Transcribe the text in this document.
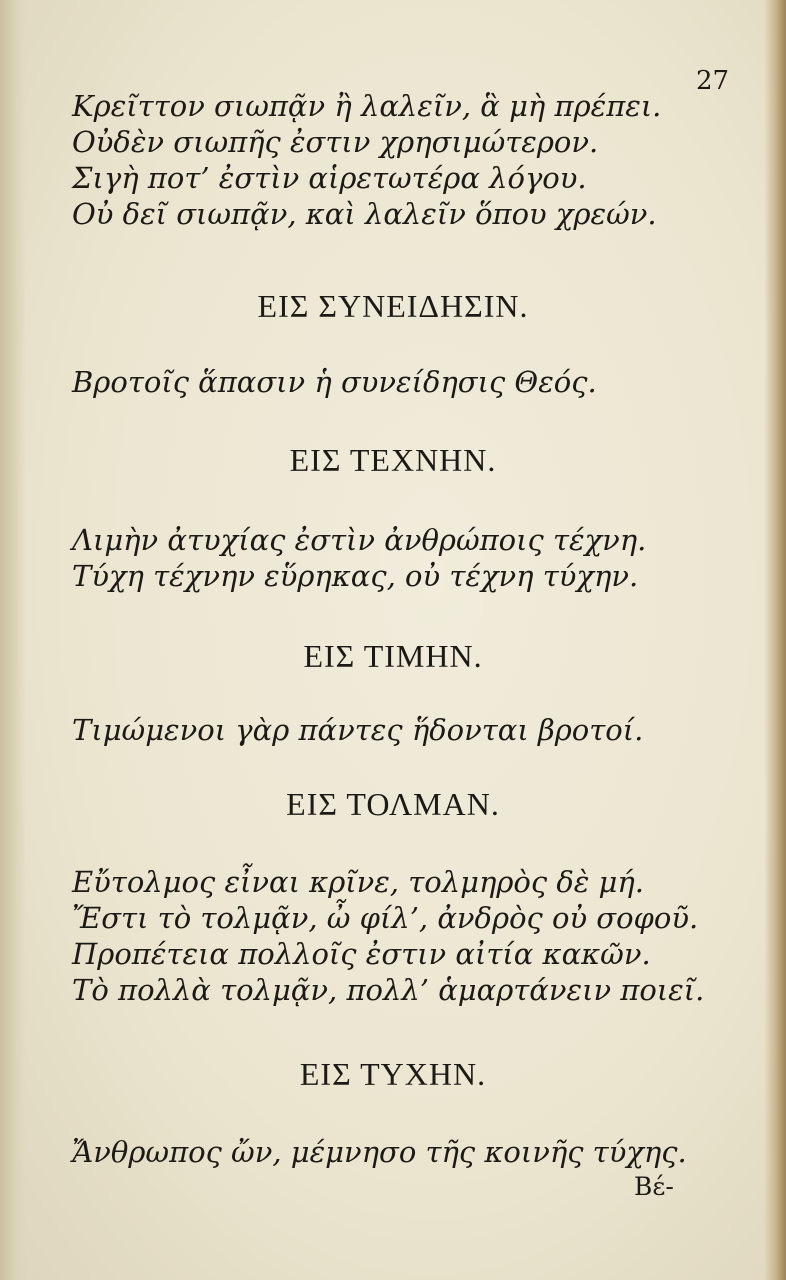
27
Κρεῖττον σιωπᾷν ἢ λαλεῖν, ἃ μὴ πρέπει.
Οὐδὲν σιωπῆς ἐστιν χρησιμώτερον.
Σιγὴ ποτ’ ἐστὶν αἱρετωτέρα λόγου.
Οὐ δεῖ σιωπᾷν, καὶ λαλεῖν ὅπου χρεών.
ΕΙΣ ΣΥΝΕΙΔΗΣΙΝ.
Βροτοῖς ἅπασιν ἡ συνείδησις Θεός.
ΕΙΣ ΤΕΧΝΗΝ.
Λιμὴν ἀτυχίας ἐστὶν ἀνθρώποις τέχνη.
Τύχη τέχνην εὕρηκας, οὐ τέχνη τύχην.
ΕΙΣ ΤΙΜΗΝ.
Τιμώμενοι γὰρ πάντες ἥδονται βροτοί.
ΕΙΣ ΤΟΛΜΑΝ.
Εὔτολμος εἶναι κρῖνε, τολμηρὸς δὲ μή.
Ἔστι τὸ τολμᾷν, ὦ φίλ’, ἀνδρὸς οὐ σοφοῦ.
Προπέτεια πολλοῖς ἐστιν αἰτία κακῶν.
Τὸ πολλὰ τολμᾷν, πολλ’ ἁμαρτάνειν ποιεῖ.
ΕΙΣ ΤΥΧΗΝ.
Ἄνθρωπος ὤν, μέμνησο τῆς κοινῆς τύχης.
Βέ-
